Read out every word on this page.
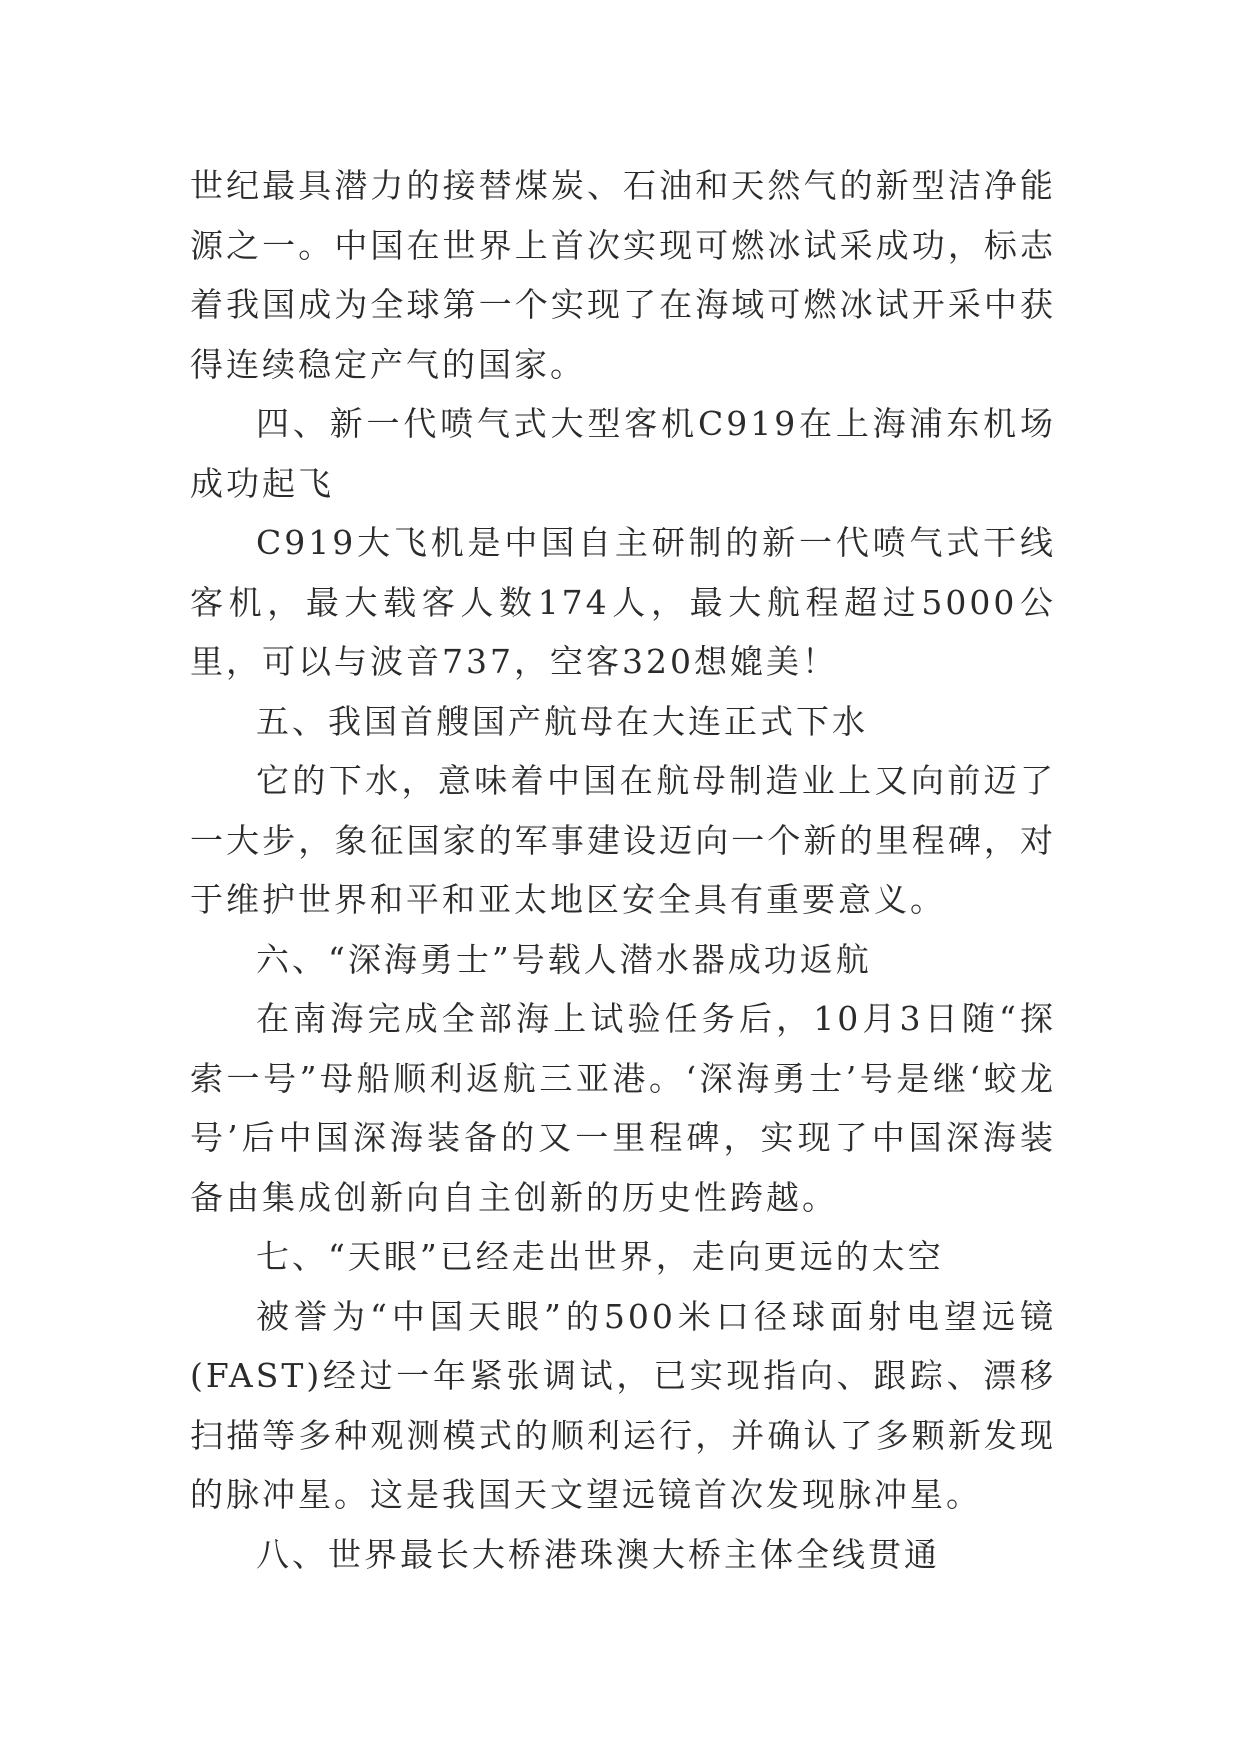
世纪最具潜力的接替煤炭、石油和天然气的新型洁净能源之一。中国在世界上首次实现可燃冰试采成功，标志着我国成为全球第一个实现了在海域可燃冰试开采中获得连续稳定产气的国家。

四、新一代喷气式大型客机C919在上海浦东机场成功起飞

C919大飞机是中国自主研制的新一代喷气式干线客机，最大载客人数174人，最大航程超过5000公里，可以与波音737，空客320想媲美！

五、我国首艘国产航母在大连正式下水

它的下水，意味着中国在航母制造业上又向前迈了一大步，象征国家的军事建设迈向一个新的里程碑，对于维护世界和平和亚太地区安全具有重要意义。

六、“深海勇士”号载人潜水器成功返航

在南海完成全部海上试验任务后，10月3日随“探索一号”母船顺利返航三亚港。‘深海勇士’号是继‘蛟龙号’后中国深海装备的又一里程碑，实现了中国深海装备由集成创新向自主创新的历史性跨越。

七、“天眼”已经走出世界，走向更远的太空

被誉为“中国天眼”的500米口径球面射电望远镜(FAST)经过一年紧张调试，已实现指向、跟踪、漂移扫描等多种观测模式的顺利运行，并确认了多颗新发现的脉冲星。这是我国天文望远镜首次发现脉冲星。

八、世界最长大桥港珠澳大桥主体全线贯通
